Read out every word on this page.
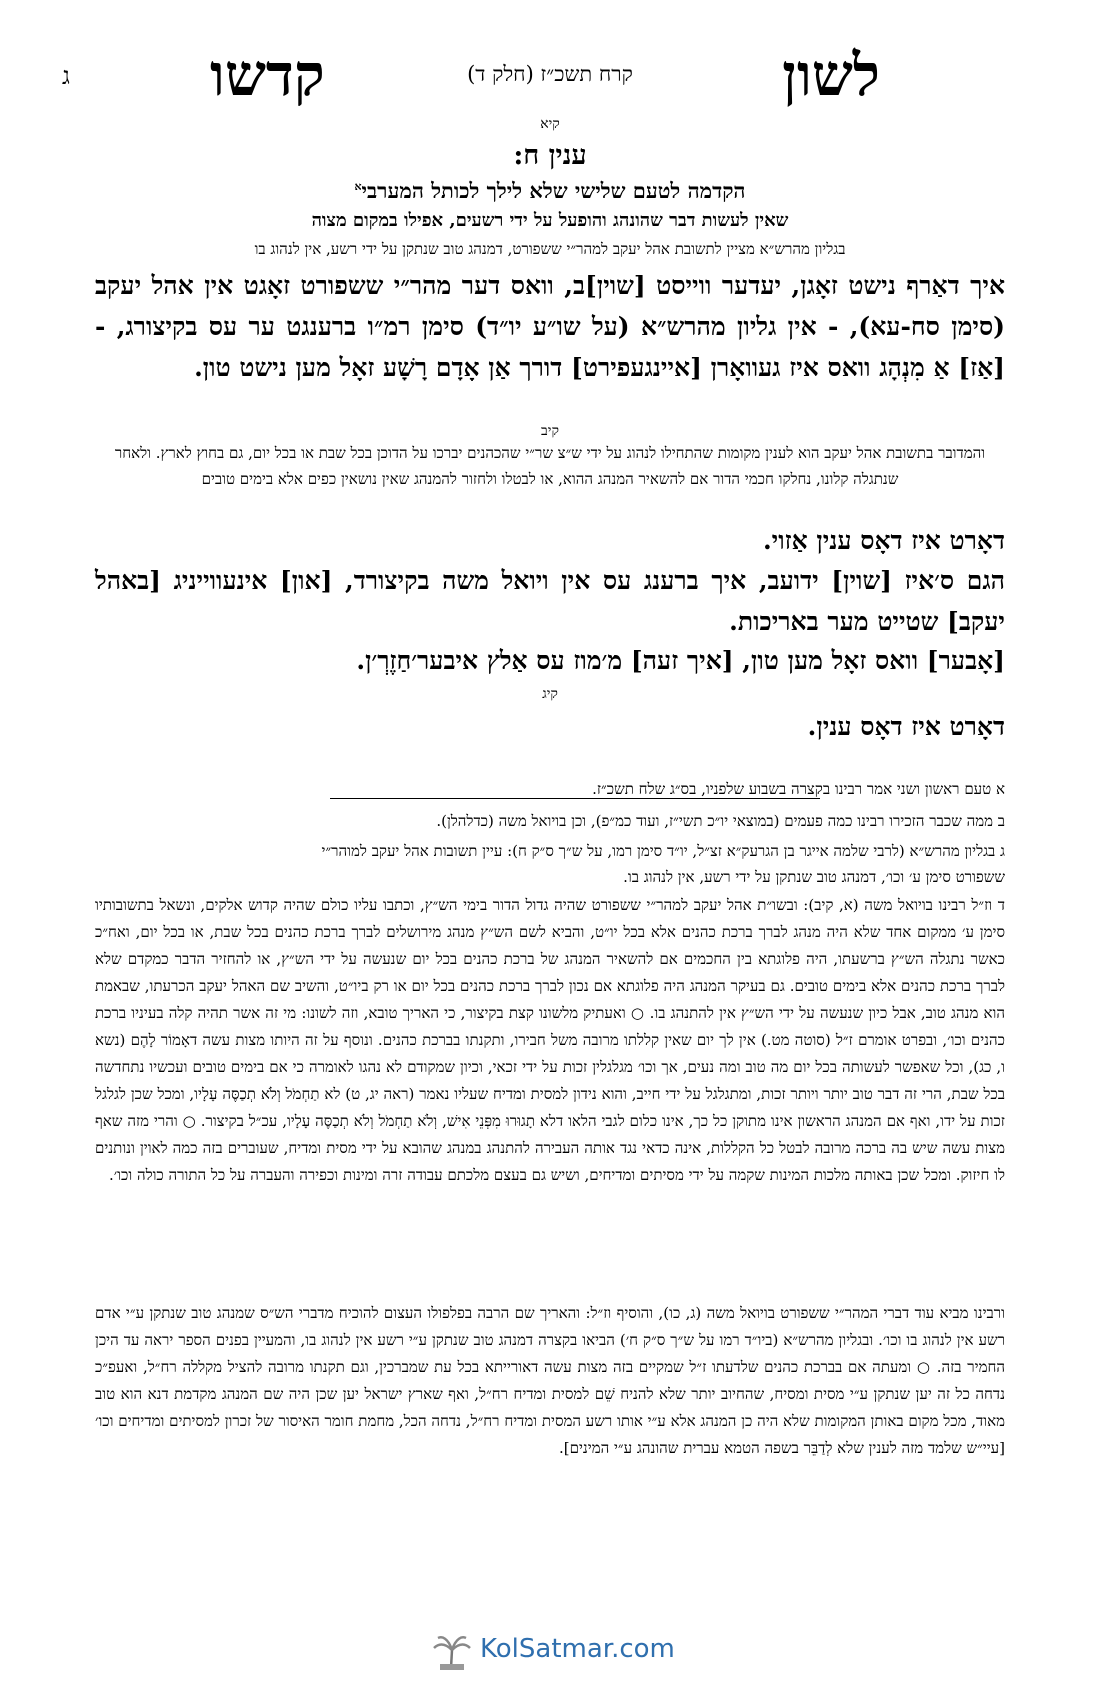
לשון
קרח תשכ״ז (חלק ד)
קדשו
ג
קיא
ענין ח:
הקדמה לטעם שלישי שלא לילך לכותל המערבי$^א$
שאין לעשות דבר שהונהג והופעל על ידי רשעים, אפילו במקום מצוה
בגליון מהרש״א מציין לתשובת אהל יעקב למהר״י ששפורט, דמנהג טוב שנתקן על ידי רשע, אין לנהוג בו
איך דאַרף נישט זאָגן, יעדער ווייסט [שוין]ב, וואס דער מהר״י ששפורט זאָגט אין אהל יעקב (סימן סח-עא), - אין גליון מהרש״א (על שו״ע יו״ד) סימן רמ״ו ברענגט ער עס בקיצורג, - [אַז] אַ מִנְהָג וואס איז געוואָרן [איינגעפירט] דורך אַן אָדָם רָשָׁע זאָל מען נישט טון.
קיב
והמדובר בתשובת אהל יעקב הוא לענין מקומות שהתחילו לנהוג על ידי ש״צ שר״י שהכהנים יברכו על הדוכן בכל שבת או בכל יום, גם בחוץ לארץ. ולאחר שנתגלה קלונו, נחלקו חכמי הדור אם להשאיר המנהג ההוא, או לבטלו ולחזור להמנהג שאין נושאין כפים אלא בימים טובים
דאָרט איז דאָס ענין אַזוי.
הגם ס׳איז [שוין] ידועב, איך ברענג עס אין ויואל משה בקיצורד, [און] אינעווייניג [באהל יעקב] שטייט מער באריכות.
[אָבער] וואס זאָל מען טון, [איך זעה] מ׳מוז עס אַלץ איבער׳חַזֶרְ׳ן.
קיג
דאָרט איז דאָס ענין.
א טעם ראשון ושני אמר רבינו בקצרה בשבוע שלפניו, בס״ג שלח תשכ״ז.
ב ממה שכבר הזכירו רבינו כמה פעמים (במוצאי יו״כ תשי״ז, ועוד כמ״פ), וכן בויואל משה (כדלהלן).
ג בגליון מהרש״א (לרבי שלמה אייגר בן הגרעק״א זצ״ל, יו״ד סימן רמו, על ש״ך ס״ק ח): עיין תשובות אהל יעקב למוהר״י
ששפורט סימן ע׳ וכו׳, דמנהג טוב שנתקן על ידי רשע, אין לנהוג בו.
ד וז״ל רבינו בויואל משה (א, קיב): ובשו״ת אהל יעקב למהר״י ששפורט שהיה גדול הדור בימי הש״ץ, וכתבו עליו כולם שהיה קדוש אלקים, ונשאל בתשובותיו סימן ע׳ ממקום אחד שלא היה מנהג לברך ברכת כהנים אלא בכל יו״ט, והביא לשם הש״ץ מנהג מירושלים לברך ברכת כהנים בכל שבת, או בכל יום, ואח״כ כאשר נתגלה הש״ץ ברשעתו, היה פלוגתא בין החכמים אם להשאיר המנהג של ברכת כהנים בכל יום שנעשה על ידי הש״ץ, או להחזיר הדבר כמקדם שלא לברך ברכת כהנים אלא בימים טובים. גם בעיקר המנהג היה פלוגתא אם נכון לברך ברכת כהנים בכל יום או רק ביו״ט, והשיב שם האהל יעקב הכרעתו, שבאמת הוא מנהג טוב, אבל כיון שנעשה על ידי הש״ץ אין להתנהג בו. ○ ואעתיק מלשונו קצת בקיצור, כי האריך טובא, וזה לשונו: מי זה אשר תהיה קלה בעיניו ברכת כהנים וכו׳, ובפרט אומרם ז״ל (סוטה מט.) אין לך יום שאין קללתו מרובה משל חבירו, ותקנתו בברכת כהנים. ונוסף על זה היותו מצות עשה דאָמוֹר לָהֶם (נשא ו, כג), וכל שאפשר לעשותה בכל יום מה טוב ומה נעים, אך וכו׳ מגלגלין זכות על ידי זכאי, וכיון שמקודם לא נהגו לאומרה כי אם בימים טובים ועכשיו נתחדשה בכל שבת, הרי זה דבר טוב יותר ויותר זכות, ומתגלגל על ידי חייב, והוא נידון למסית ומדיח שעליו נאמר (ראה יג, ט) לא תַחְמֹל וְלֹא תְכַסֶּה עָלָיו, ומכל שכן לגלגל זכות על ידו, ואף אם המנהג הראשון אינו מתוקן כל כך, אינו כלום לגבי הלאו דלא תָגוּרוּ מִפְּנֵי אִישׁ, וְלֹא תַחְמֹל וְלֹא תְכַסֶּה עָלָיו, עכ״ל בקיצור. ○ והרי מזה שאף מצות עשה שיש בה ברכה מרובה לבטל כל הקללות, אינה כדאי נגד אותה העבירה להתנהג במנהג שהובא על ידי מסית ומדיח, שעוברים בזה כמה לאוין ונותנים לו חיזוק. ומכל שכן באותה מלכות המינות שקמה על ידי מסיתים ומדיחים, ושיש גם בעצם מלכתם עבודה זרה ומינות וכפירה והעברה על כל התורה כולה וכו׳.
ורבינו מביא עוד דברי המהר״י ששפורט בויואל משה (ג, כו), והוסיף וז״ל: והאריך שם הרבה בפלפולו העצום להוכיח מדברי הש״ס שמנהג טוב שנתקן ע״י אדם רשע אין לנהוג בו וכו׳. ובגליון מהרש״א (ביו״ד רמו על ש״ך ס״ק ח׳) הביאו בקצרה דמנהג טוב שנתקן ע״י רשע אין לנהוג בו, והמעיין בפנים הספר יראה עד היכן החמיר בזה. ○ ומעתה אם בברכת כהנים שלדעתו ז״ל שמקיים בזה מצות עשה דאורייתא בכל עת שמברכין, וגם תקנתו מרובה להציל מקללה רח״ל, ואעפ״כ נדחה כל זה יען שנתקן ע״י מסית ומסיח, שהחיוב יותר שלא להניח שֵׁם למסית ומדיח רח״ל, ואף שארץ ישראל יען שכן היה שם המנהג מקדמת דנא הוא טוב מאוד, מכל מקום באותן המקומות שלא היה כן המנהג אלא ע״י אותו רשע המסית ומדיח רח״ל, נדחה הכל, מחמת חומר האיסור של זכרון למסיתים ומדיחים וכו׳ [עיי״ש שלמד מזה לענין שלא לְדַבֵּר בשפה הטמא עברית שהונהג ע״י המינים].
KolSatmar.com
